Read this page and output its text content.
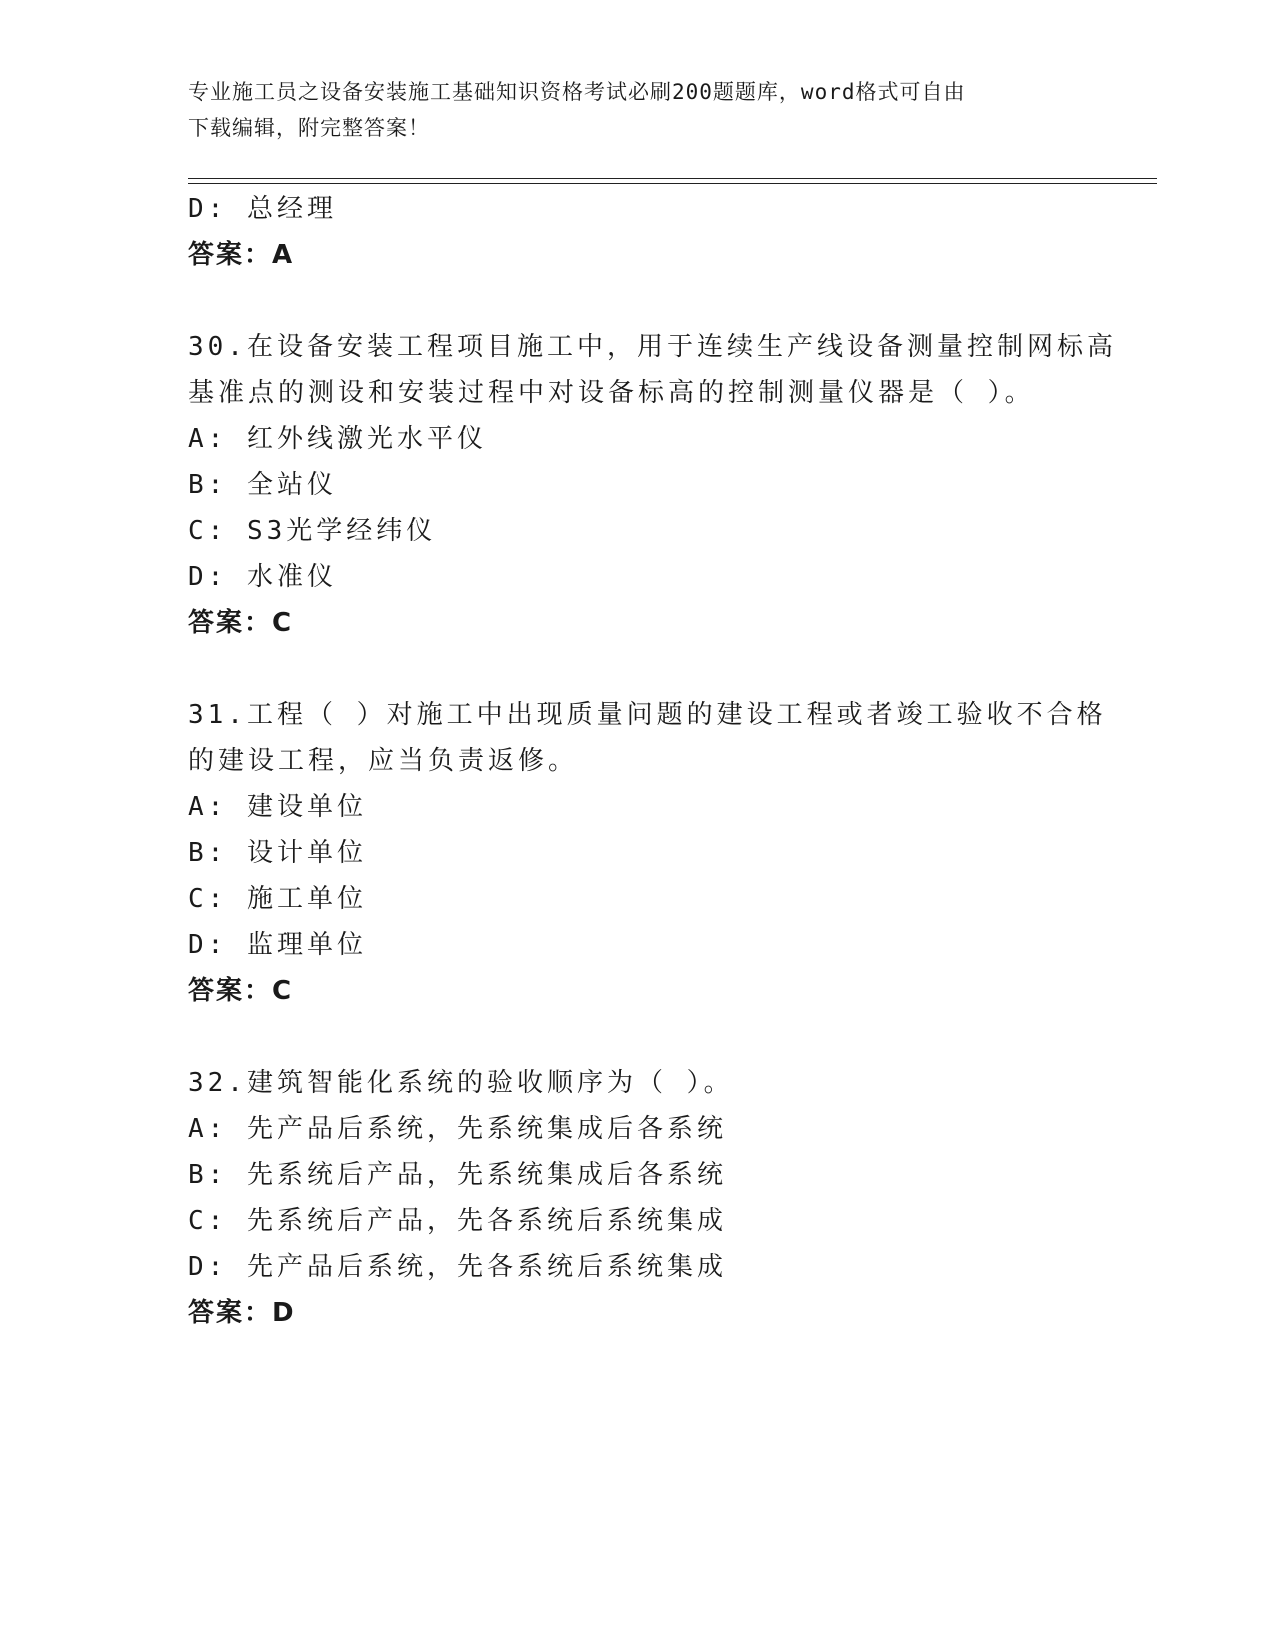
专业施工员之设备安装施工基础知识资格考试必刷200题题库，word格式可自由
下载编辑，附完整答案！
D: 总经理
答案：A
30.在设备安装工程项目施工中，用于连续生产线设备测量控制网标高
基准点的测设和安装过程中对设备标高的控制测量仪器是（ ）。
A: 红外线激光水平仪
B: 全站仪
C: S3光学经纬仪
D: 水准仪
答案：C
31.工程（ ）对施工中出现质量问题的建设工程或者竣工验收不合格
的建设工程，应当负责返修。
A: 建设单位
B: 设计单位
C: 施工单位
D: 监理单位
答案：C
32.建筑智能化系统的验收顺序为（ ）。
A: 先产品后系统，先系统集成后各系统
B: 先系统后产品，先系统集成后各系统
C: 先系统后产品，先各系统后系统集成
D: 先产品后系统，先各系统后系统集成
答案：D
